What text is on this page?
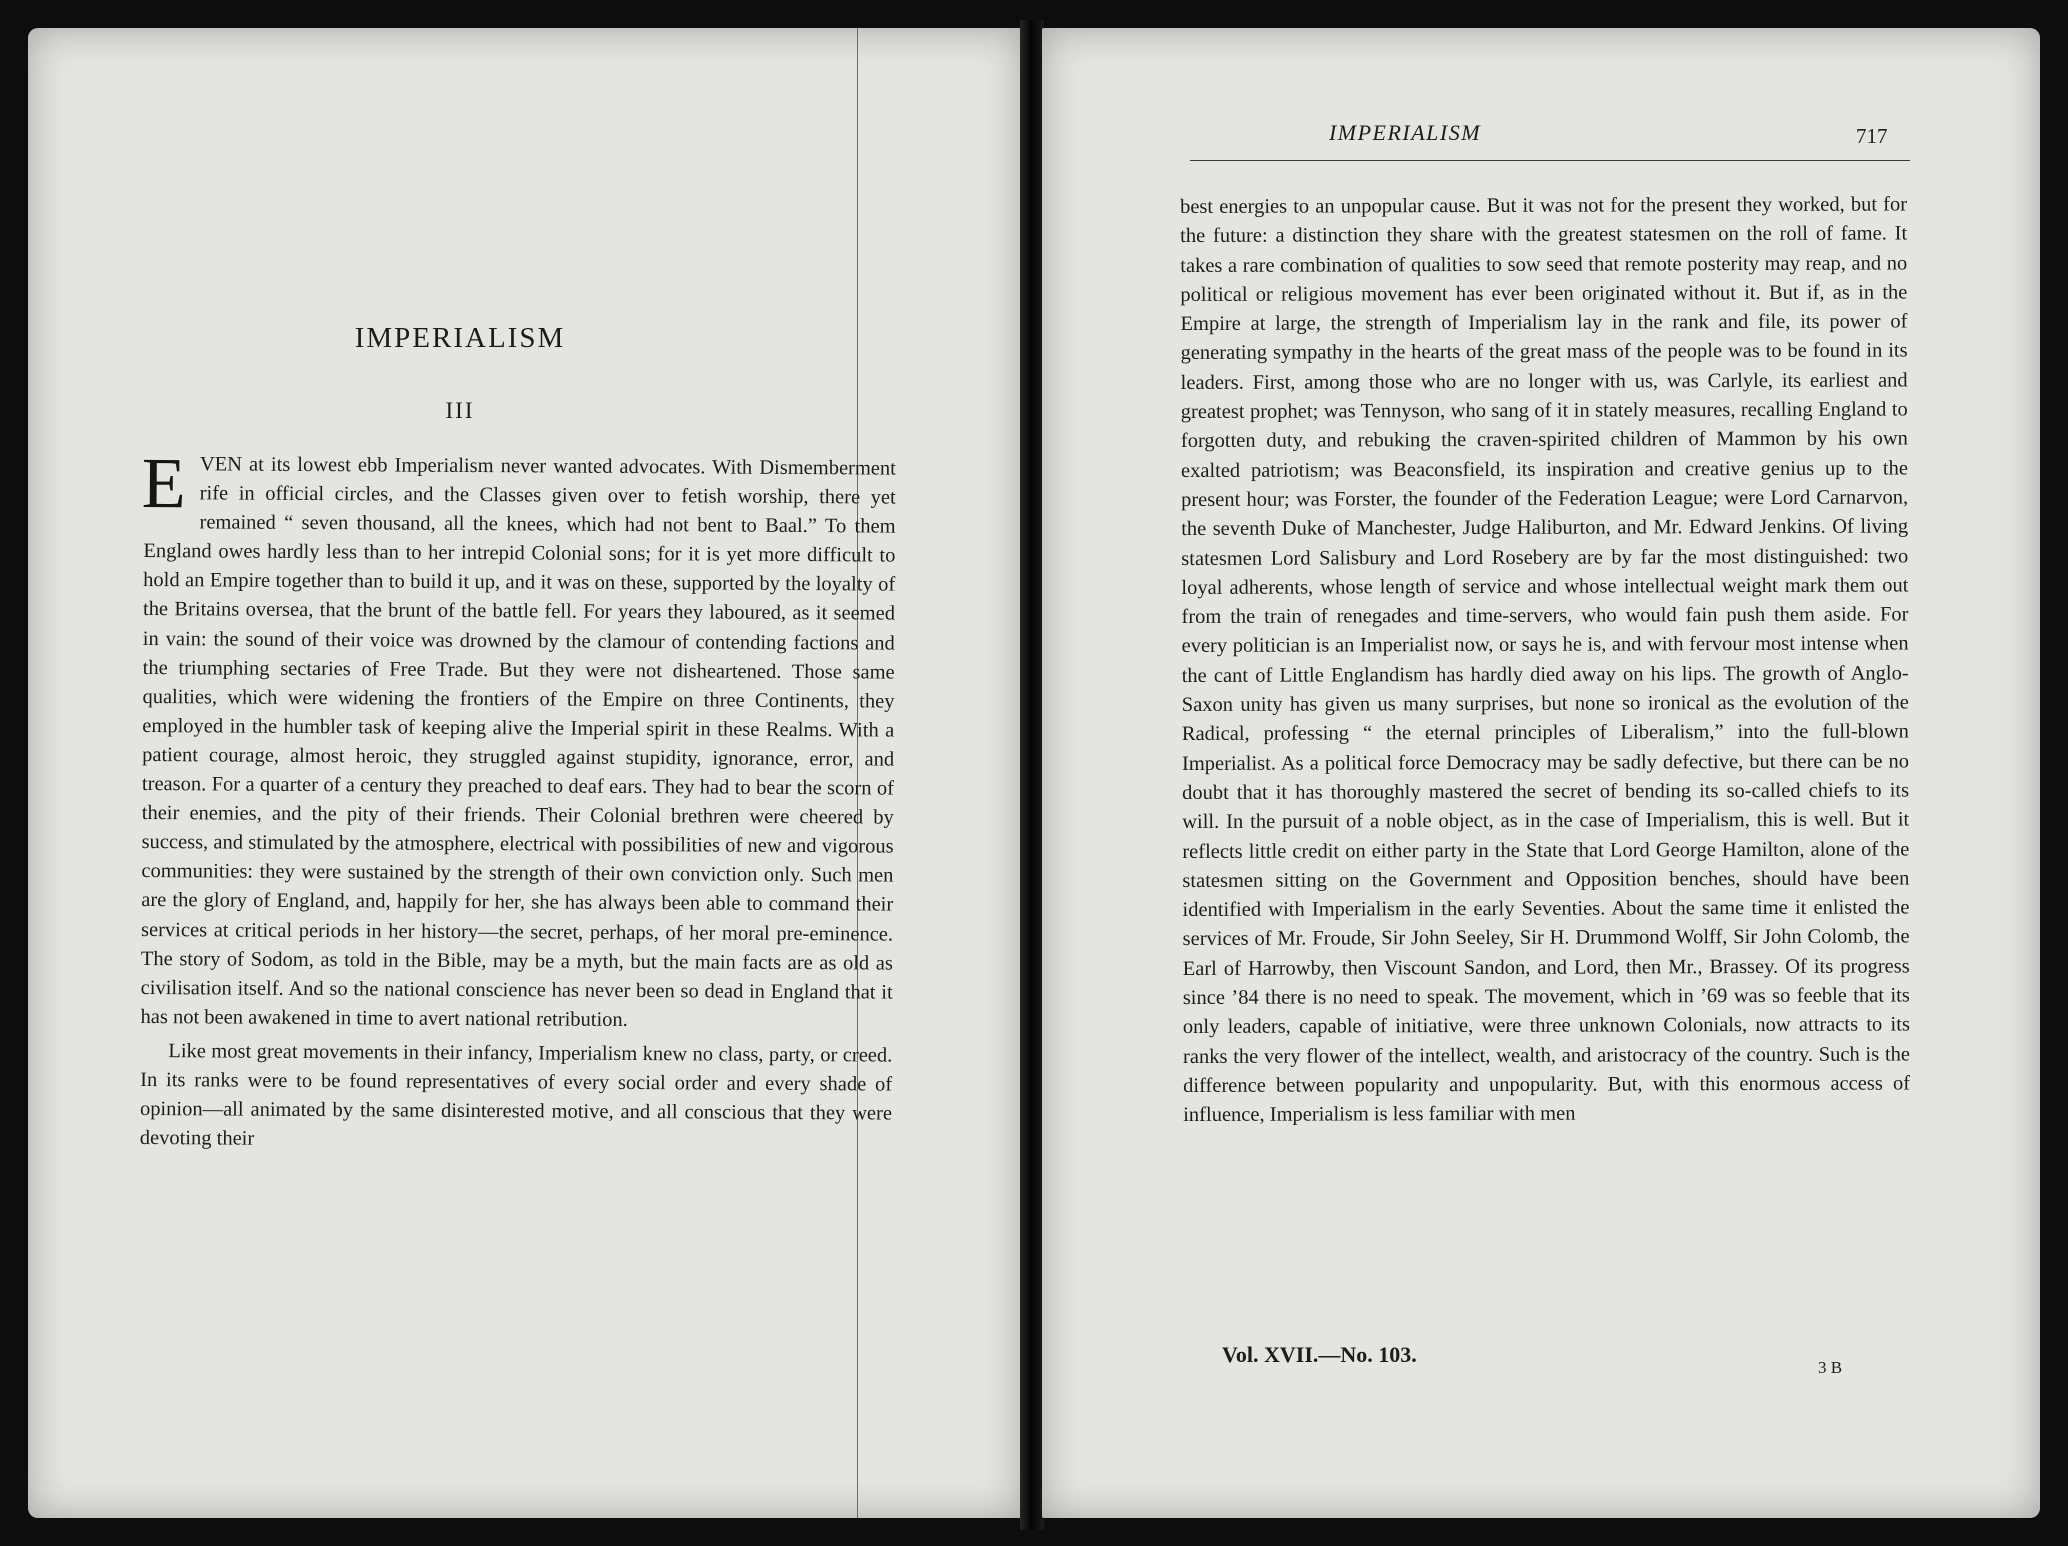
IMPERIALISM
III

EVEN at its lowest ebb Imperialism never wanted advocates. With Dismemberment rife in official circles, and the Classes given over to fetish worship, there yet remained “ seven thousand, all the knees, which had not bent to Baal.” To them England owes hardly less than to her intrepid Colonial sons; for it is yet more difficult to hold an Empire together than to build it up, and it was on these, supported by the loyalty of the Britains oversea, that the brunt of the battle fell. For years they laboured, as it seemed in vain: the sound of their voice was drowned by the clamour of contending factions and the triumphing sectaries of Free Trade. But they were not disheartened. Those same qualities, which were widening the frontiers of the Empire on three Continents, they employed in the humbler task of keeping alive the Imperial spirit in these Realms. With a patient courage, almost heroic, they struggled against stupidity, ignorance, error, and treason. For a quarter of a century they preached to deaf ears. They had to bear the scorn of their enemies, and the pity of their friends. Their Colonial brethren were cheered by success, and stimulated by the atmosphere, electrical with possibilities of new and vigorous communities: they were sustained by the strength of their own conviction only. Such men are the glory of England, and, happily for her, she has always been able to command their services at critical periods in her history—the secret, perhaps, of her moral pre-eminence. The story of Sodom, as told in the Bible, may be a myth, but the main facts are as old as civilisation itself. And so the national conscience has never been so dead in England that it has not been awakened in time to avert national retribution.

Like most great movements in their infancy, Imperialism knew no class, party, or creed. In its ranks were to be found representatives of every social order and every shade of opinion—all animated by the same disinterested motive, and all conscious that they were devoting their

IMPERIALISM	717

best energies to an unpopular cause. But it was not for the present they worked, but for the future: a distinction they share with the greatest statesmen on the roll of fame. It takes a rare combination of qualities to sow seed that remote posterity may reap, and no political or religious movement has ever been originated without it. But if, as in the Empire at large, the strength of Imperialism lay in the rank and file, its power of generating sympathy in the hearts of the great mass of the people was to be found in its leaders. First, among those who are no longer with us, was Carlyle, its earliest and greatest prophet; was Tennyson, who sang of it in stately measures, recalling England to forgotten duty, and rebuking the craven-spirited children of Mammon by his own exalted patriotism; was Beaconsfield, its inspiration and creative genius up to the present hour; was Forster, the founder of the Federation League; were Lord Carnarvon, the seventh Duke of Manchester, Judge Haliburton, and Mr. Edward Jenkins. Of living statesmen Lord Salisbury and Lord Rosebery are by far the most distinguished: two loyal adherents, whose length of service and whose intellectual weight mark them out from the train of renegades and time-servers, who would fain push them aside. For every politician is an Imperialist now, or says he is, and with fervour most intense when the cant of Little Englandism has hardly died away on his lips. The growth of Anglo-Saxon unity has given us many surprises, but none so ironical as the evolution of the Radical, professing “ the eternal principles of Liberalism,” into the full-blown Imperialist. As a political force Democracy may be sadly defective, but there can be no doubt that it has thoroughly mastered the secret of bending its so-called chiefs to its will. In the pursuit of a noble object, as in the case of Imperialism, this is well. But it reflects little credit on either party in the State that Lord George Hamilton, alone of the statesmen sitting on the Government and Opposition benches, should have been identified with Imperialism in the early Seventies. About the same time it enlisted the services of Mr. Froude, Sir John Seeley, Sir H. Drummond Wolff, Sir John Colomb, the Earl of Harrowby, then Viscount Sandon, and Lord, then Mr., Brassey. Of its progress since ’84 there is no need to speak. The movement, which in ’69 was so feeble that its only leaders, capable of initiative, were three unknown Colonials, now attracts to its ranks the very flower of the intellect, wealth, and aristocracy of the country. Such is the difference between popularity and unpopularity. But, with this enormous access of influence, Imperialism is less familiar with men

Vol. XVII.—No. 103.
3 B
